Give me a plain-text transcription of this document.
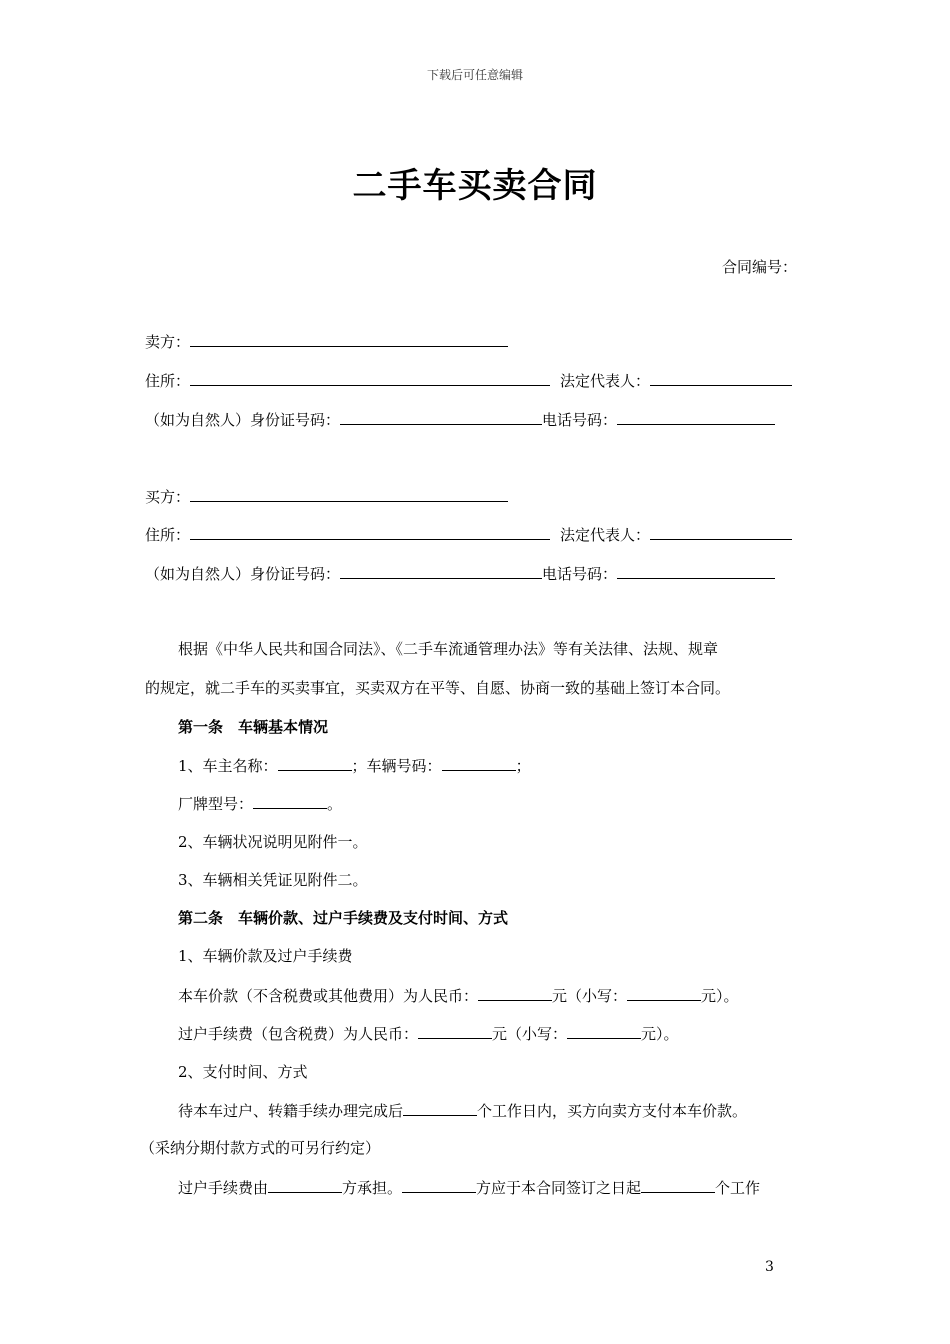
下载后可任意编辑
二手车买卖合同
合同编号：
卖方：
住所：	法定代表人：
（如为自然人）身份证号码：	电话号码：
买方：
住所：	法定代表人：
（如为自然人）身份证号码：	电话号码：
根据《中华人民共和国合同法》、《二手车流通管理办法》等有关法律、法规、规章
的规定，就二手车的买卖事宜，买卖双方在平等、自愿、协商一致的基础上签订本合同。
第一条　车辆基本情况
1、车主名称：	；车辆号码：	；
厂牌型号：	。
2、车辆状况说明见附件一。
3、车辆相关凭证见附件二。
第二条　车辆价款、过户手续费及支付时间、方式
1、车辆价款及过户手续费
本车价款（不含税费或其他费用）为人民币：	元（小写：	元）。
过户手续费（包含税费）为人民币：	元（小写：	元）。
2、支付时间、方式
待本车过户、转籍手续办理完成后	个工作日内，买方向卖方支付本车价款。
（采纳分期付款方式的可另行约定）
过户手续费由	方承担。	方应于本合同签订之日起	个工作
3
